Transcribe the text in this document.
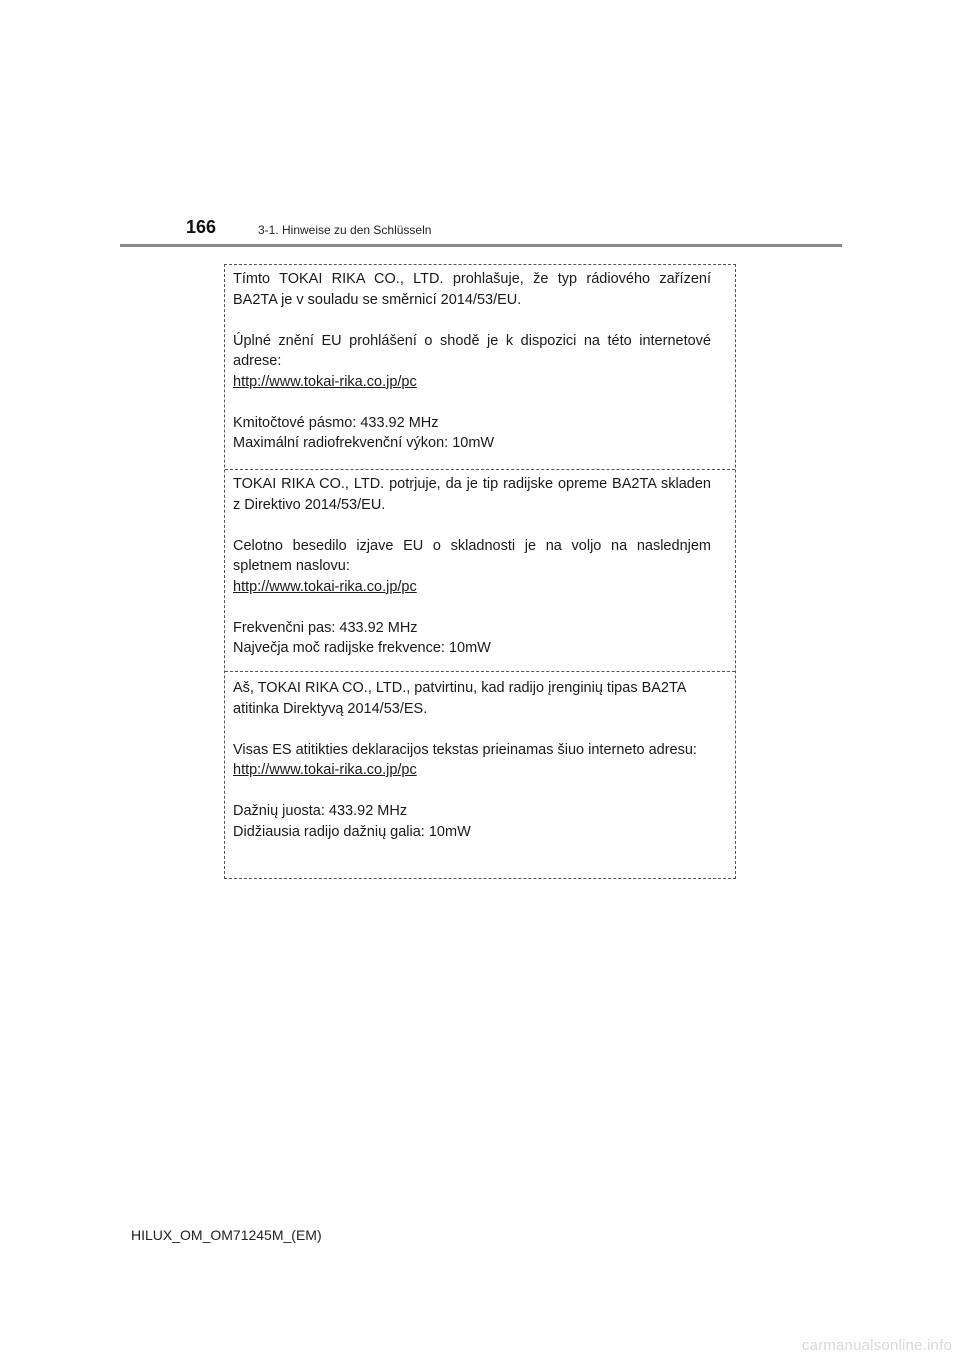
166	3-1. Hinweise zu den Schlüsseln

Tímto TOKAI RIKA CO., LTD. prohlašuje, že typ rádiového zařízení BA2TA je v souladu se směrnicí 2014/53/EU.

Úplné znění EU prohlášení o shodě je k dispozici na této internetové adrese:

http://www.tokai-rika.co.jp/pc

Kmitočtové pásmo: 433.92 MHz

Maximální radiofrekvenční výkon: 10mW

TOKAI RIKA CO., LTD. potrjuje, da je tip radijske opreme BA2TA skladen z Direktivo 2014/53/EU.

Celotno besedilo izjave EU o skladnosti je na voljo na naslednjem spletnem naslovu:

http://www.tokai-rika.co.jp/pc

Frekvenčni pas: 433.92 MHz

Največja moč radijske frekvence: 10mW

Aš, TOKAI RIKA CO., LTD., patvirtinu, kad radijo įrenginių tipas BA2TA atitinka Direktyvą 2014/53/ES.

Visas ES atitikties deklaracijos tekstas prieinamas šiuo interneto adresu:

http://www.tokai-rika.co.jp/pc

Dažnių juosta: 433.92 MHz

Didžiausia radijo dažnių galia: 10mW

HILUX_OM_OM71245M_(EM)
carmanualsonline.info
